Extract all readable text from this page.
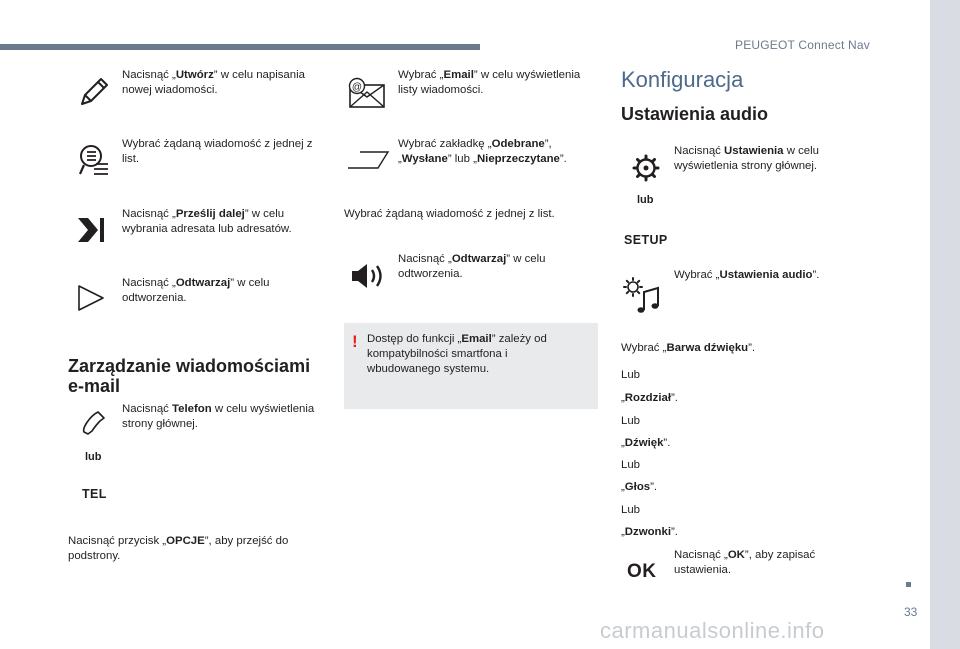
PEUGEOT Connect Nav
Nacisnąć „Utwórz” w celu napisania nowej wiadomości.
Wybrać żądaną wiadomość z jednej z list.
Nacisnąć „Prześlij dalej” w celu wybrania adresata lub adresatów.
Nacisnąć „Odtwarzaj” w celu odtworzenia.
Zarządzanie wiadomościami e-mail
Nacisnąć Telefon w celu wyświetlenia strony głównej.
lub
TEL
Nacisnąć przycisk „OPCJE”, aby przejść do podstrony.
@
Wybrać „Email” w celu wyświetlenia listy wiadomości.
Wybrać zakładkę „Odebrane”, „Wysłane” lub „Nieprzeczytane”.
Wybrać żądaną wiadomość z jednej z list.
Nacisnąć „Odtwarzaj” w celu odtworzenia.
! Dostęp do funkcji „Email” zależy od kompatybilności smartfona i wbudowanego systemu.
Konfiguracja
Ustawienia audio
Nacisnąć Ustawienia w celu wyświetlenia strony głównej.
lub
SETUP
Wybrać „Ustawienia audio”.
Wybrać „Barwa dźwięku”.
Lub
„Rozdział”.
Lub
„Dźwięk”.
Lub
„Głos”.
Lub
„Dzwonki”.
OK
Nacisnąć „OK”, aby zapisać ustawienia.
33
carmanualsonline.info
